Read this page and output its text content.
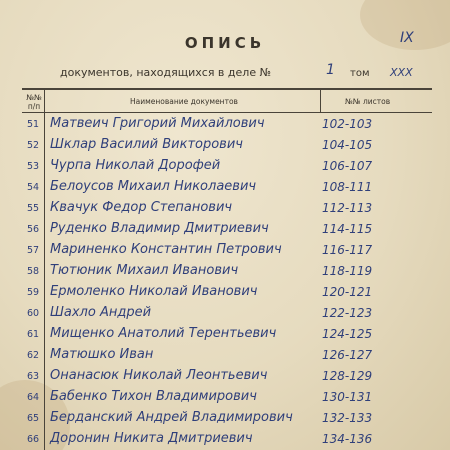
ОПИСЬ	IX
документов, находящихся в деле №	1 том XXX
№№ п/п
Наименование документов	№№ листов
51 Матвеич Григорий Михайлович	102-103
52 Шклар Василий Викторович	104-105
53 Чурпа Николай Дорофей	106-107
54 Белоусов Михаил Николаевич	108-111
55 Квачук Федор Степанович	112-113
56 Руденко Владимир Дмитриевич	114-115
57 Мариненко Константин Петрович	116-117
58 Тютюник Михаил Иванович	118-119
59 Ермоленко Николай Иванович	120-121
60 Шахло Андрей	122-123
61 Мищенко Анатолий Терентьевич	124-125
62 Матюшко Иван	126-127
63 Онанасюк Николай Леонтьевич	128-129
64 Бабенко Тихон Владимирович	130-131
65 Берданский Андрей Владимирович 132-133
66 Доронин Никита Дмитриевич	134-136
